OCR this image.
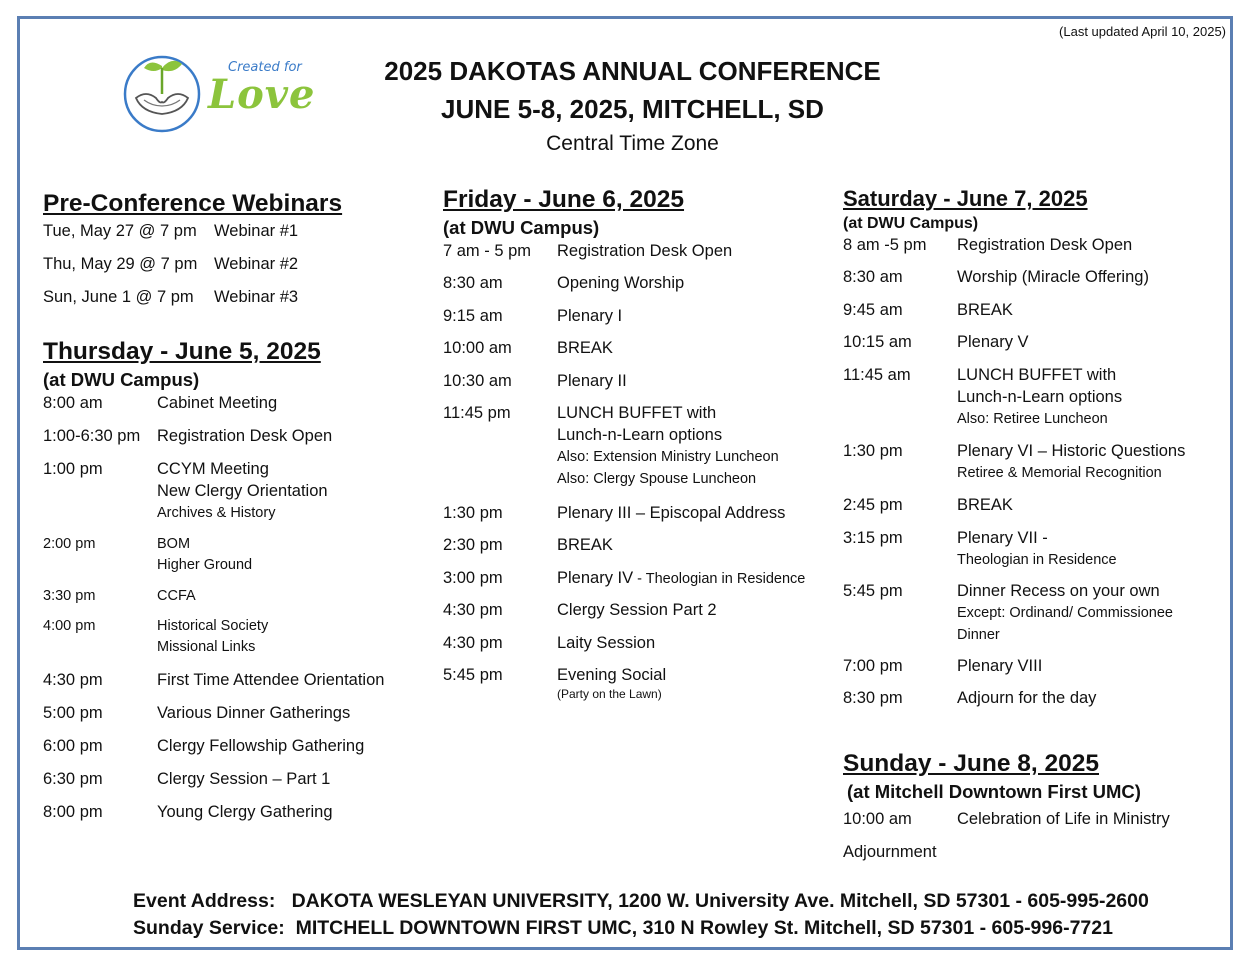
(Last updated April 10, 2025)
Created for
Love	2025 DAKOTAS ANNUAL CONFERENCE
JUNE 5-8, 2025, MITCHELL, SD
Central Time Zone
Pre-Conference Webinars
Tue, May 27 @ 7 pm	Webinar #1
Thu, May 29 @ 7 pm	Webinar #2
Sun, June 1 @ 7 pm	Webinar #3
Thursday - June 5, 2025
(at DWU Campus)
8:00 am	Cabinet Meeting
1:00-6:30 pm	Registration Desk Open
1:00 pm	CCYM Meeting
New Clergy Orientation
Archives & History
2:00 pm	BOM
Higher Ground
3:30 pm	CCFA
4:00 pm	Historical Society
Missional Links
4:30 pm	First Time Attendee Orientation
5:00 pm	Various Dinner Gatherings
6:00 pm	Clergy Fellowship Gathering
6:30 pm	Clergy Session – Part 1
8:00 pm	Young Clergy Gathering
Friday - June 6, 2025
(at DWU Campus)
7 am - 5 pm	Registration Desk Open
8:30 am	Opening Worship
9:15 am	Plenary I
10:00 am	BREAK
10:30 am	Plenary II
11:45 pm	LUNCH BUFFET with
Lunch-n-Learn options
Also: Extension Ministry Luncheon
Also: Clergy Spouse Luncheon
1:30 pm	Plenary III – Episcopal Address
2:30 pm	BREAK
3:00 pm	Plenary IV - Theologian in Residence
4:30 pm	Clergy Session Part 2
4:30 pm	Laity Session
5:45 pm	Evening Social
(Party on the Lawn)
Saturday - June 7, 2025
(at DWU Campus)
8 am -5 pm	Registration Desk Open
8:30 am	Worship (Miracle Offering)
9:45 am	BREAK
10:15 am	Plenary V
11:45 am	LUNCH BUFFET with
Lunch-n-Learn options
Also: Retiree Luncheon
1:30 pm	Plenary VI – Historic Questions
Retiree & Memorial Recognition
2:45 pm	BREAK
3:15 pm	Plenary VII -
Theologian in Residence
5:45 pm	Dinner Recess on your own
Except: Ordinand/ Commissionee
Dinner
7:00 pm	Plenary VIII
8:30 pm	Adjourn for the day
Sunday - June 8, 2025
(at Mitchell Downtown First UMC)
10:00 am	Celebration of Life in Ministry
Adjournment
Event Address: DAKOTA WESLEYAN UNIVERSITY, 1200 W. University Ave. Mitchell, SD 57301 - 605-995-2600
Sunday Service: MITCHELL DOWNTOWN FIRST UMC, 310 N Rowley St. Mitchell, SD 57301 - 605-996-7721
